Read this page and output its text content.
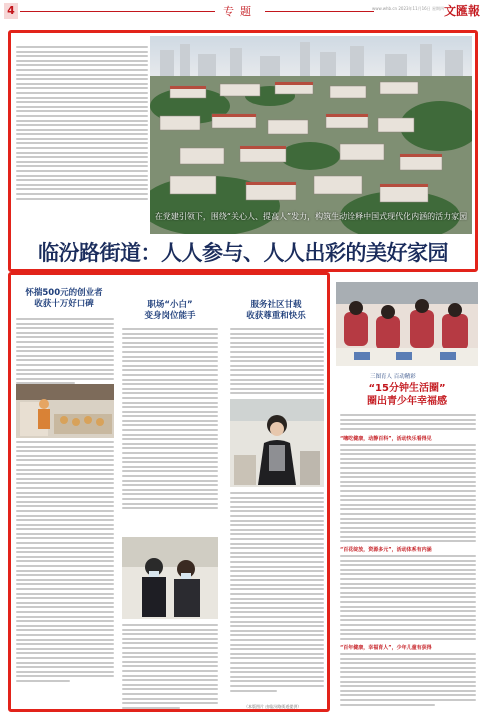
4	专题	www.whb.cn 2023年11月16日 星期四 文匯報
在党建引领下，围绕“关心人、提高人”发力，构筑生动诠释中国式现代化内涵的活力家园
临汾路街道：人人参与、人人出彩的美好家园
怀揣500元的创业者
收获十万好口碑	职场“小白”
变身岗位能手
服务社区甘载
收获尊重和快乐
（本版图片 由临汾路街道提供）
三图育人 百动精彩
“15分钟生活圈”
圈出青少年幸福感
“嗨吃健康，动静百科”，活动快乐看得见
“百花绽放，资源多元”，活动体系有内涵
“百年健康，幸福育人”，少年儿童有获得
